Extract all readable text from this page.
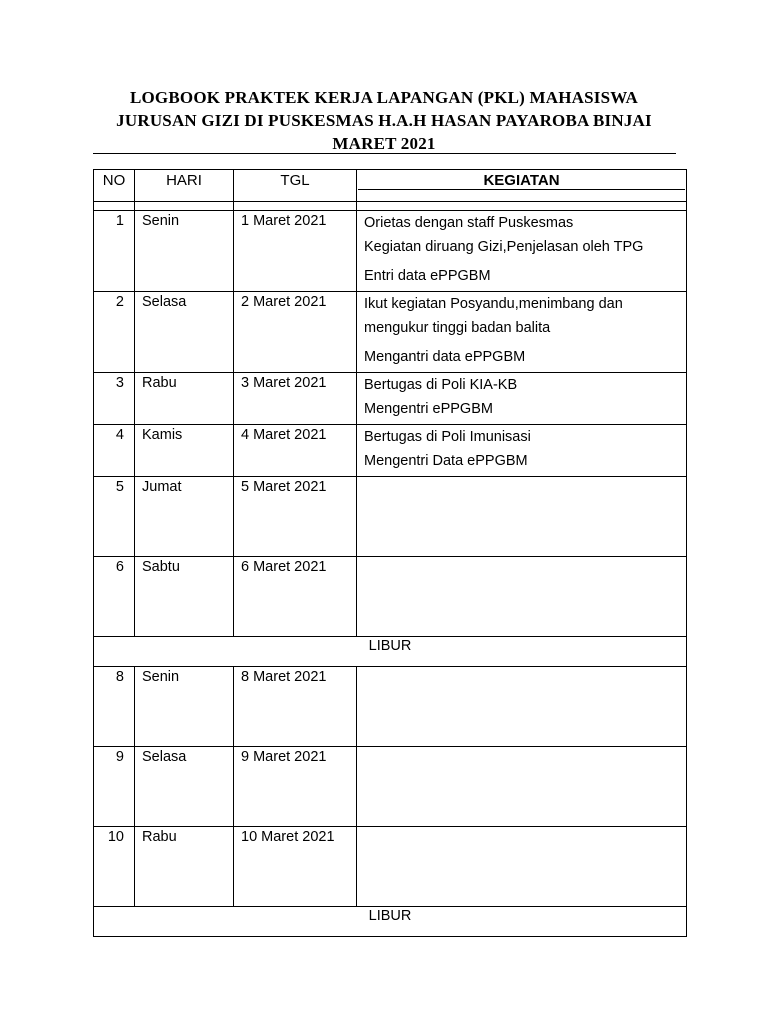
LOGBOOK PRAKTEK KERJA LAPANGAN (PKL) MAHASISWA
JURUSAN GIZI DI PUSKESMAS H.A.H HASAN PAYAROBA BINJAI
MARET 2021
NO	HARI	TGL	KEGIATAN

1	Senin	1 Maret 2021	Orietas dengan staff Puskesmas
Kegiatan diruang Gizi,Penjelasan oleh TPG
Entri data ePPGBM

2	Selasa	2 Maret 2021	Ikut kegiatan Posyandu,menimbang dan
mengukur tinggi badan balita
Mengantri data ePPGBM

3	Rabu	3 Maret 2021	Bertugas di Poli KIA-KB
Mengentri ePPGBM

4	Kamis	4 Maret 2021	Bertugas di Poli Imunisasi
Mengentri Data ePPGBM

5	Jumat	5 Maret 2021	

6	Sabtu	6 Maret 2021	

LIBUR			

8	Senin	8 Maret 2021	

9	Selasa	9 Maret 2021	

10	Rabu	10 Maret 2021	

LIBUR			
